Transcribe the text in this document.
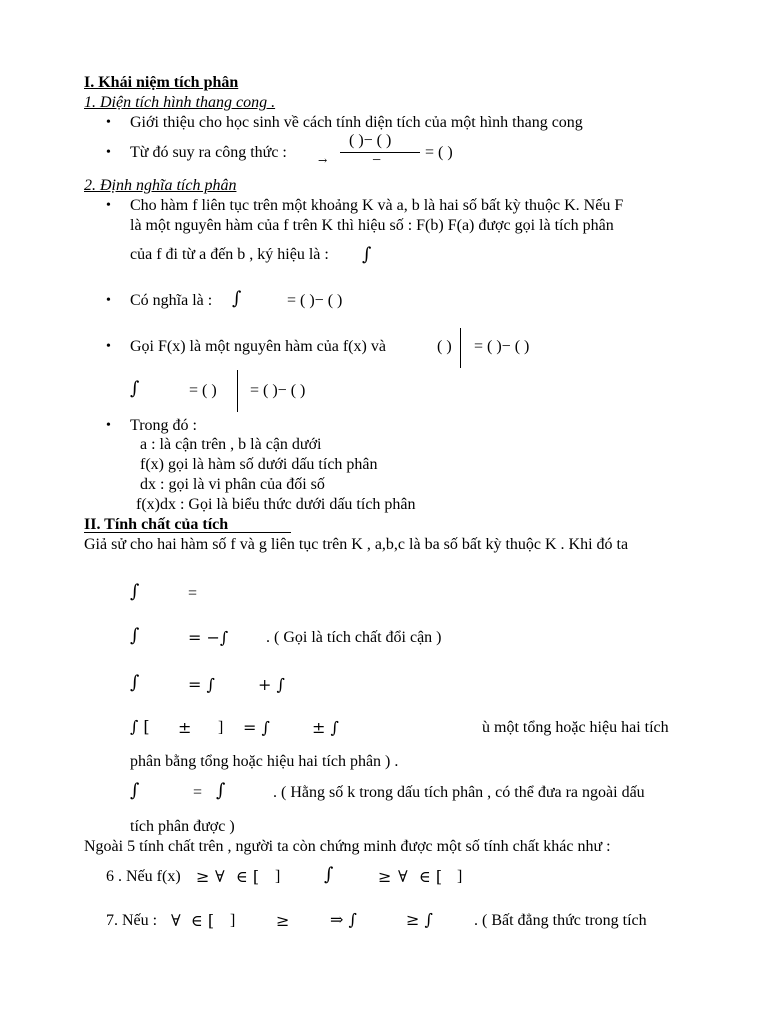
I. Khái niệm tích phân
1. Diện tích hình thang cong .
• Giới thiệu cho học sinh về cách tính diện tích của một hình thang cong
• Từ đó suy ra công thức :	→
( )− ( )
−	= ( )
2. Định nghĩa tích phân
• Cho hàm f liên tục trên một khoảng K và a, b là hai số bất kỳ thuộc K. Nếu F
là một nguyên hàm của f trên K thì hiệu số : F(b) F(a) được gọi là tích phân
của f đi từ a đến b , ký hiệu là : ∫
• Có nghĩa là : ∫	= ( )− ( )
• Gọi F(x) là một nguyên hàm của f(x) và	( ) = ( )− ( )
∫	= ( ) = ( )− ( )
• Trong đó :
a : là cận trên , b là cận dưới
f(x) gọi là hàm số dưới dấu tích phân
dx : gọi là vi phân của đối số
f(x)dx : Gọi là biểu thức dưới dấu tích phân
II. Tính chất của tích
Giả sử cho hai hàm số f và g liên tục trên K , a,b,c là ba số bất kỳ thuộc K . Khi đó ta
∫	=
∫	= −∫ . ( Gọi là tích chất đổi cận )
∫	= ∫	+ ∫
∫ [ ± ] = ∫	± ∫	ù một tổng hoặc hiệu hai tích
phân bằng tổng hoặc hiệu hai tích phân ) .
∫	= ∫	. ( Hằng số k trong dấu tích phân , có thể đưa ra ngoài dấu
tích phân được )
Ngoài 5 tính chất trên , người ta còn chứng minh được một số tính chất khác như :
6 . Nếu f(x) ≥ ∀ ∈ [ ] ∫	≥ ∀ ∈ [ ]
7. Nếu : ∀ ∈ [ ]	≥	⇒ ∫	≥ ∫	. ( Bất đẳng thức trong tích
